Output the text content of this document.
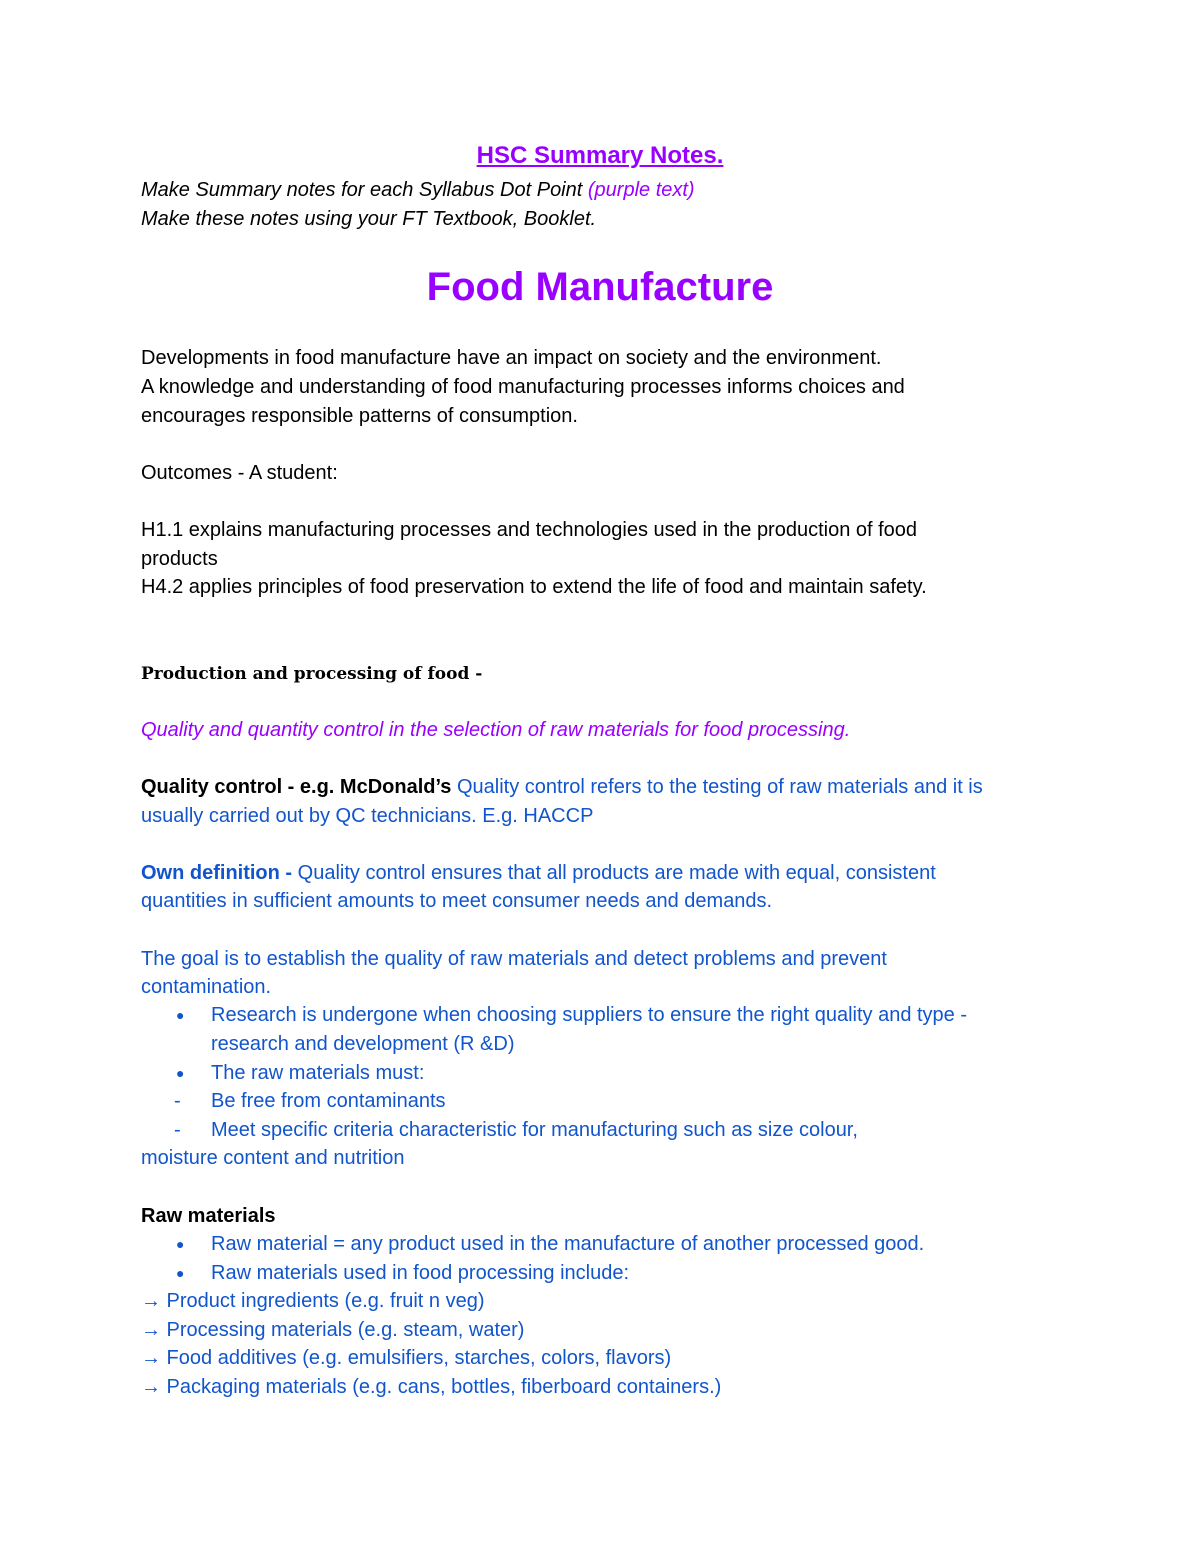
HSC Summary Notes.
Make Summary notes for each Syllabus Dot Point (purple text)
Make these notes using your FT Textbook, Booklet.
Food Manufacture
Developments in food manufacture have an impact on society and the environment.
A knowledge and understanding of food manufacturing processes informs choices and
encourages responsible patterns of consumption.
Outcomes - A student:
H1.1 explains manufacturing processes and technologies used in the production of food
products
H4.2 applies principles of food preservation to extend the life of food and maintain safety.
Production and processing of food -
Quality and quantity control in the selection of raw materials for food processing.
Quality control - e.g. McDonald’s Quality control refers to the testing of raw materials and it is
usually carried out by QC technicians. E.g. HACCP
Own definition - Quality control ensures that all products are made with equal, consistent
quantities in sufficient amounts to meet consumer needs and demands.
The goal is to establish the quality of raw materials and detect problems and prevent
contamination.
● Research is undergone when choosing suppliers to ensure the right quality and type -
research and development (R &D)
● The raw materials must:
- Be free from contaminants
- Meet specific criteria characteristic for manufacturing such as size colour,
moisture content and nutrition
Raw materials
● Raw material = any product used in the manufacture of another processed good.
● Raw materials used in food processing include:
→ Product ingredients (e.g. fruit n veg)
→ Processing materials (e.g. steam, water)
→ Food additives (e.g. emulsifiers, starches, colors, flavors)
→ Packaging materials (e.g. cans, bottles, fiberboard containers.)
